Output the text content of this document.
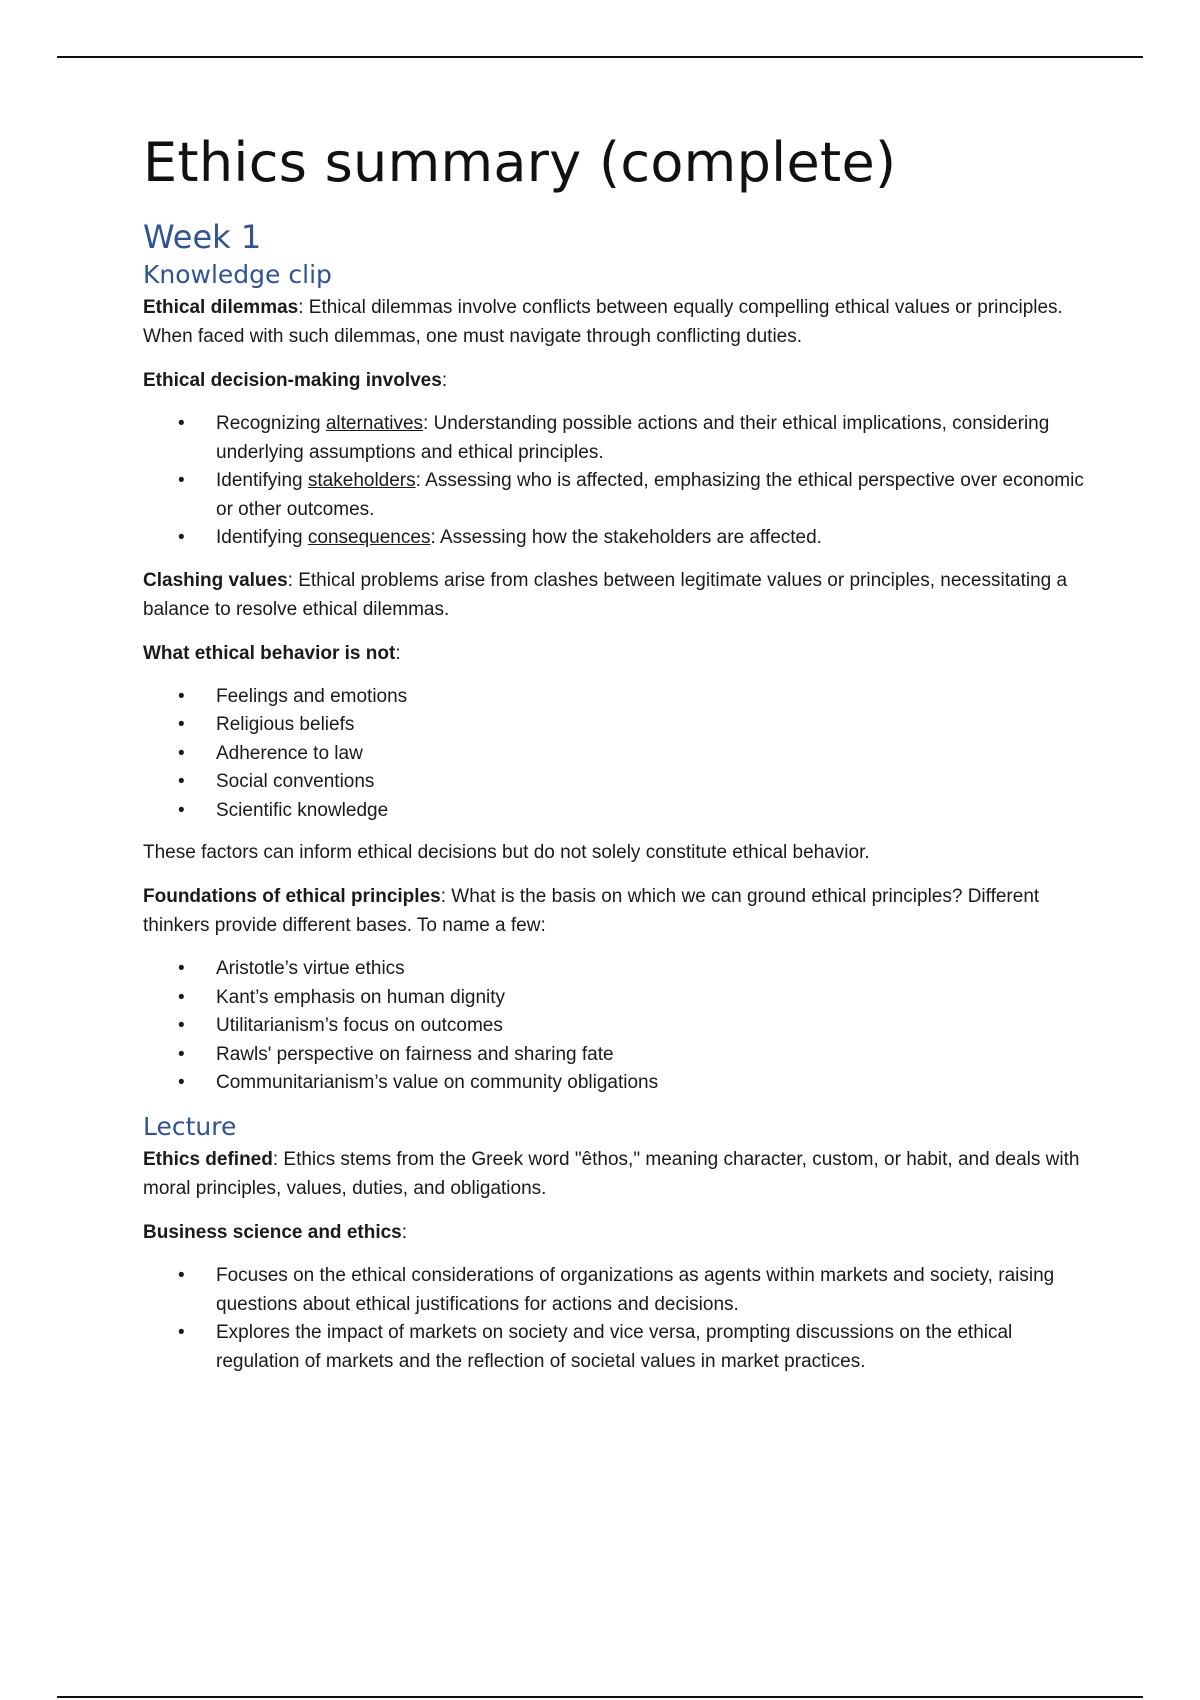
Ethics summary (complete)
Week 1
Knowledge clip

Ethical dilemmas: Ethical dilemmas involve conflicts between equally compelling ethical values or principles. When faced with such dilemmas, one must navigate through conflicting duties.

Ethical decision-making involves:

• Recognizing alternatives: Understanding possible actions and their ethical implications, considering underlying assumptions and ethical principles.
• Identifying stakeholders: Assessing who is affected, emphasizing the ethical perspective over economic or other outcomes.
• Identifying consequences: Assessing how the stakeholders are affected.

Clashing values: Ethical problems arise from clashes between legitimate values or principles, necessitating a balance to resolve ethical dilemmas.

What ethical behavior is not:

• Feelings and emotions
• Religious beliefs
• Adherence to law
• Social conventions
• Scientific knowledge

These factors can inform ethical decisions but do not solely constitute ethical behavior.

Foundations of ethical principles: What is the basis on which we can ground ethical principles? Different thinkers provide different bases. To name a few:

• Aristotle’s virtue ethics
• Kant’s emphasis on human dignity
• Utilitarianism’s focus on outcomes
• Rawls' perspective on fairness and sharing fate
• Communitarianism’s value on community obligations
Lecture

Ethics defined: Ethics stems from the Greek word "êthos," meaning character, custom, or habit, and deals with moral principles, values, duties, and obligations.

Business science and ethics:

• Focuses on the ethical considerations of organizations as agents within markets and society, raising questions about ethical justifications for actions and decisions.
• Explores the impact of markets on society and vice versa, prompting discussions on the ethical regulation of markets and the reflection of societal values in market practices.
